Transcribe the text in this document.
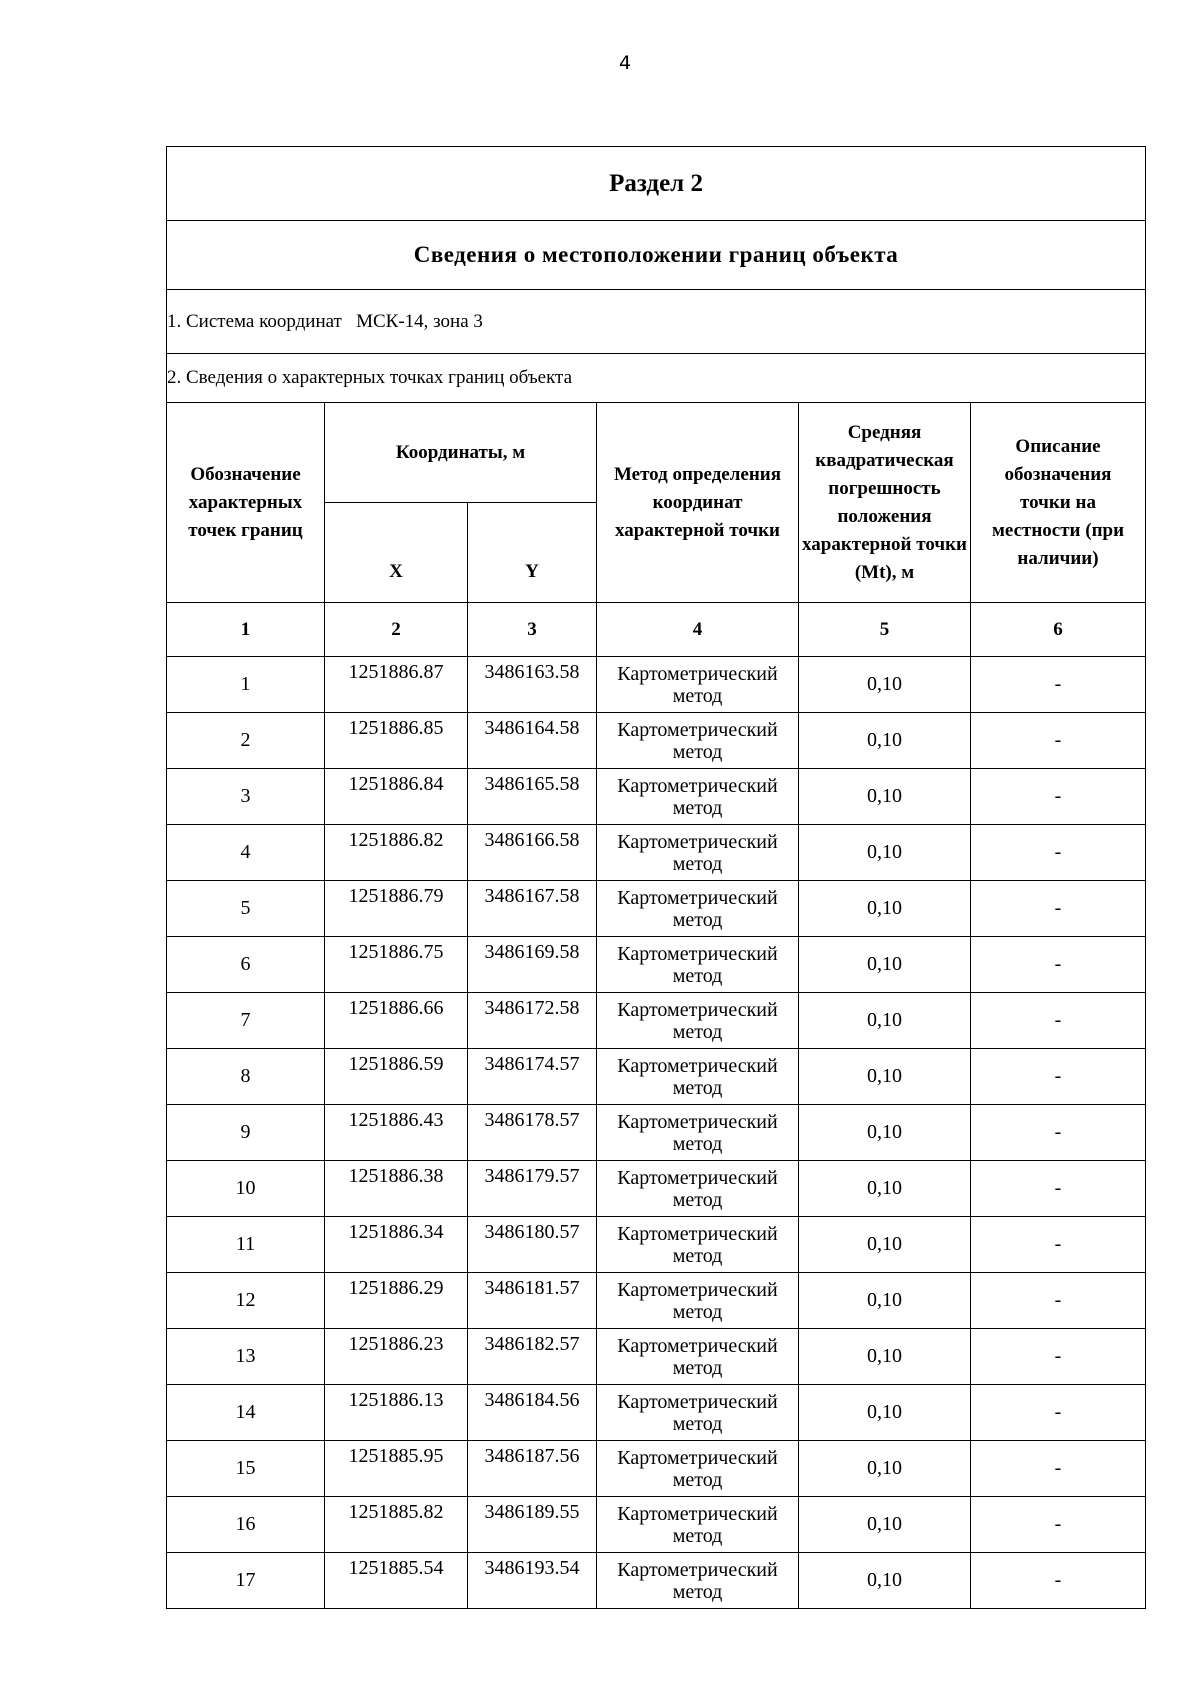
4
Раздел 2					
Сведения о местоположении границ объекта					
1. Система координат   МСК-14, зона 3					
2. Сведения о характерных точках границ объекта					
Обозначение характерных точек границ	Координаты, м		Метод определения координат характерной точки	Средняя квадратическая погрешность положения характерной точки (Mt), м	Описание обозначения точки на местности (при наличии)
	X	Y			
1	2	3	4	5	6
1	1251886.87	3486163.58	Картометрический метод	0,10	-
2	1251886.85	3486164.58	Картометрический метод	0,10	-
3	1251886.84	3486165.58	Картометрический метод	0,10	-
4	1251886.82	3486166.58	Картометрический метод	0,10	-
5	1251886.79	3486167.58	Картометрический метод	0,10	-
6	1251886.75	3486169.58	Картометрический метод	0,10	-
7	1251886.66	3486172.58	Картометрический метод	0,10	-
8	1251886.59	3486174.57	Картометрический метод	0,10	-
9	1251886.43	3486178.57	Картометрический метод	0,10	-
10	1251886.38	3486179.57	Картометрический метод	0,10	-
11	1251886.34	3486180.57	Картометрический метод	0,10	-
12	1251886.29	3486181.57	Картометрический метод	0,10	-
13	1251886.23	3486182.57	Картометрический метод	0,10	-
14	1251886.13	3486184.56	Картометрический метод	0,10	-
15	1251885.95	3486187.56	Картометрический метод	0,10	-
16	1251885.82	3486189.55	Картометрический метод	0,10	-
17	1251885.54	3486193.54	Картометрический метод	0,10	-
